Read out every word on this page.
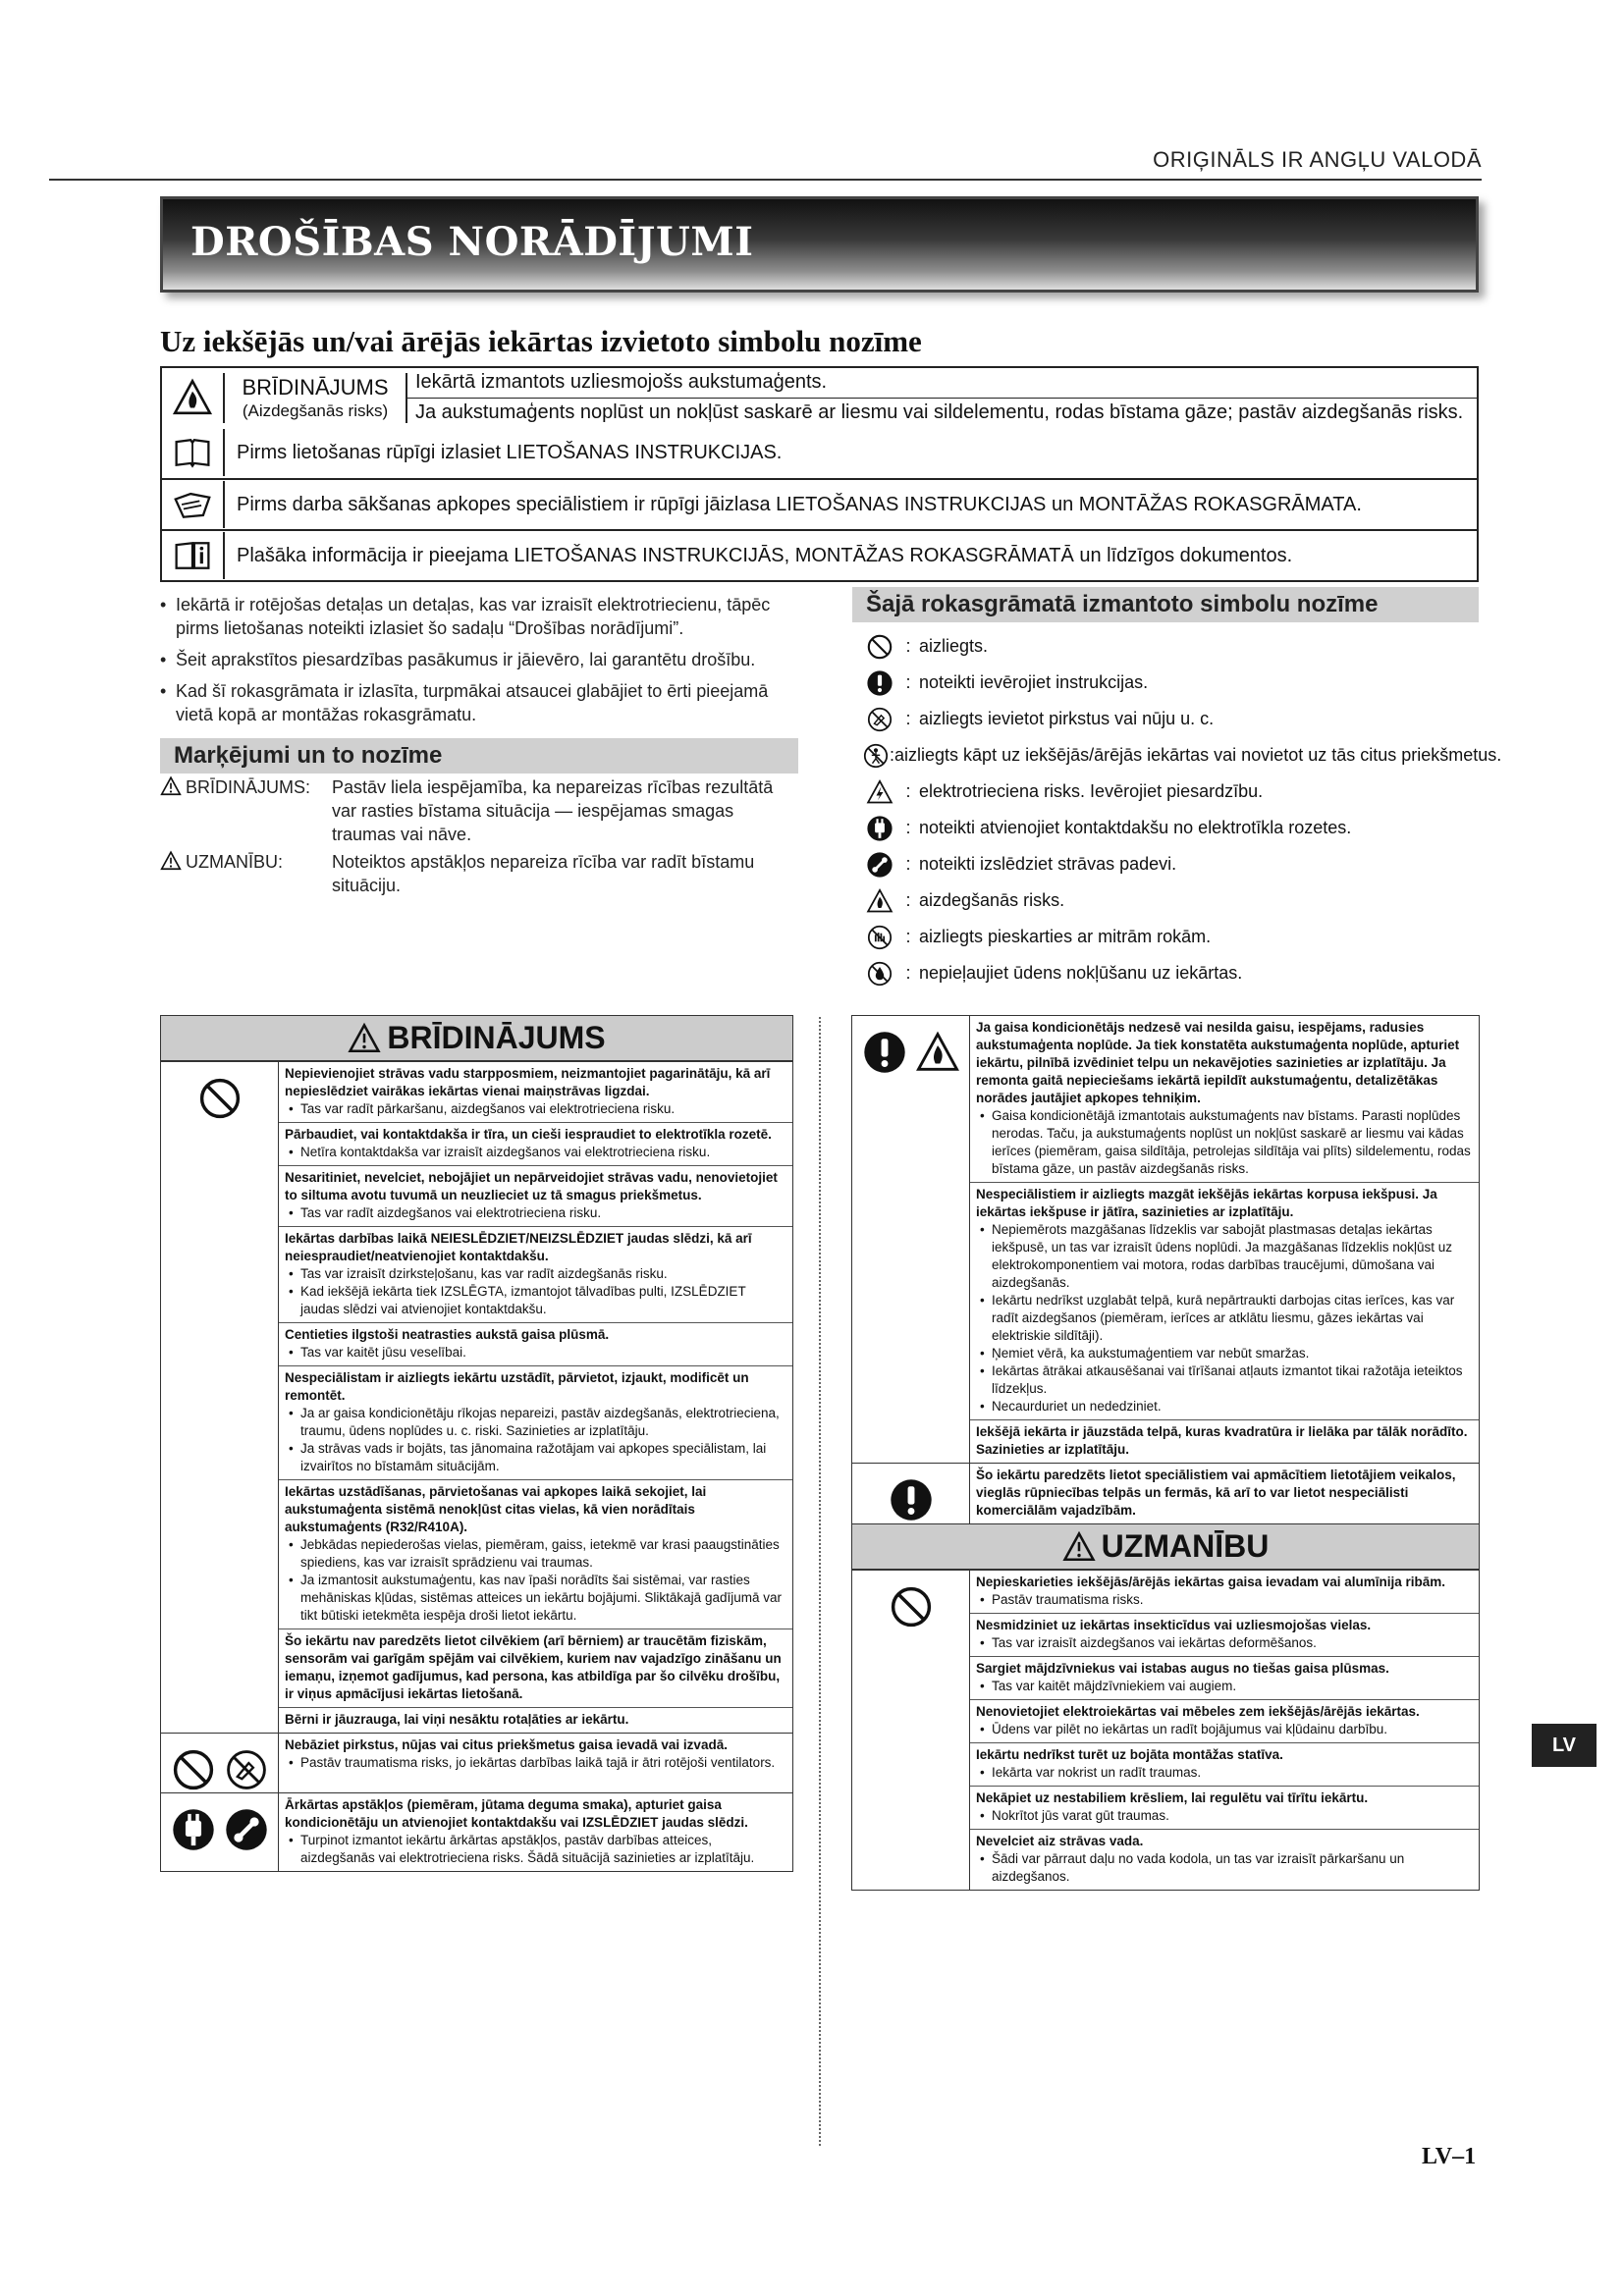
ORIĢINĀLS IR ANGĻU VALODĀ
DROŠĪBAS NORĀDĪJUMI
Uz iekšējās un/vai ārējās iekārtas izvietoto simbolu nozīme
BRĪDINĀJUMS
(Aizdegšanās risks)
Iekārtā izmantots uzliesmojošs aukstumaģents.
Ja aukstumaģents noplūst un nokļūst saskarē ar liesmu vai sildelementu, rodas bīstama gāze; pastāv aizdegšanās risks.
Pirms lietošanas rūpīgi izlasiet LIETOŠANAS INSTRUKCIJAS.
Pirms darba sākšanas apkopes speciālistiem ir rūpīgi jāizlasa LIETOŠANAS INSTRUKCIJAS un MONTĀŽAS ROKASGRĀMATA.
Plašāka informācija ir pieejama LIETOŠANAS INSTRUKCIJĀS, MONTĀŽAS ROKASGRĀMATĀ un līdzīgos dokumentos.
• Iekārtā ir rotējošas detaļas un detaļas, kas var izraisīt elektrotriecienu, tāpēc pirms lietošanas noteikti izlasiet šo sadaļu “Drošības norādījumi”.
• Šeit aprakstītos piesardzības pasākumus ir jāievēro, lai garantētu drošību.
• Kad šī rokasgrāmata ir izlasīta, turpmākai atsaucei glabājiet to ērti pieejamā vietā kopā ar montāžas rokasgrāmatu.
Marķējumi un to nozīme
BRĪDINĀJUMS:	Pastāv liela iespējamība, ka nepareizas rīcības rezultātā var rasties bīstama situācija — iespējamas smagas traumas vai nāve.
UZMANĪBU:	Noteiktos apstākļos nepareiza rīcība var radīt bīstamu situāciju.
Šajā rokasgrāmatā izmantoto simbolu nozīme
: aizliegts.
: noteikti ievērojiet instrukcijas.
: aizliegts ievietot pirkstus vai nūju u. c.
: aizliegts kāpt uz iekšējās/ārējās iekārtas vai novietot uz tās citus priekšmetus.
: elektrotrieciena risks. Ievērojiet piesardzību.
: noteikti atvienojiet kontaktdakšu no elektrotīkla rozetes.
: noteikti izslēdziet strāvas padevi.
: aizdegšanās risks.
: aizliegts pieskarties ar mitrām rokām.
: nepieļaujiet ūdens nokļūšanu uz iekārtas.
BRĪDINĀJUMS
Nepievienojiet strāvas vadu starpposmiem, neizmantojiet pagarinātāju, kā arī nepieslēdziet vairākas iekārtas vienai maiņstrāvas ligzdai.
• Tas var radīt pārkaršanu, aizdegšanos vai elektrotriecienа risku.
Pārbaudiet, vai kontaktdakša ir tīra, un cieši iespraudiet to elektrotīkla rozetē.
• Netīra kontaktdakša var izraisīt aizdegšanos vai elektrotrieciena risku.
Nesaritiniet, nevelciet, nebojājiet un nepārveidojiet strāvas vadu, nenovietojiet to siltuma avotu tuvumā un neuzlieciet uz tā smagus priekšmetus.
• Tas var radīt aizdegšanos vai elektrotrieciena risku.
Iekārtas darbības laikā NEIESLĒDZIET/NEIZSLĒDZIET jaudas slēdzi, kā arī neiespraudiet/neatvienojiet kontaktdakšu.
• Tas var izraisīt dzirksteļošanu, kas var radīt aizdegšanās risku.
• Kad iekšējā iekārta tiek IZSLĒGTA, izmantojot tālvadības pulti, IZSLĒDZIET jaudas slēdzi vai atvienojiet kontaktdakšu.
Centieties ilgstoši neatrasties aukstā gaisa plūsmā.
• Tas var kaitēt jūsu veselībai.
Nespeciālistam ir aizliegts iekārtu uzstādīt, pārvietot, izjaukt, modificēt un remontēt.
• Ja ar gaisa kondicionētāju rīkojas nepareizi, pastāv aizdegšanās, elektrotrieciena, traumu, ūdens noplūdes u. c. riski. Sazinieties ar izplatītāju.
• Ja strāvas vads ir bojāts, tas jānomaina ražotājam vai apkopes speciālistam, lai izvairītos no bīstamām situācijām.
Iekārtas uzstādīšanas, pārvietošanas vai apkopes laikā sekojiet, lai aukstumaģenta sistēmā nenokļūst citas vielas, kā vien norādītais aukstumaģents (R32/R410A).
• Jebkādas nepiederošas vielas, piemēram, gaiss, ietekmē var krasi paaugstināties spiediens, kas var izraisīt sprādzienu vai traumas.
• Ja izmantosit aukstumaģentu, kas nav īpaši norādīts šai sistēmai, var rasties mehāniskas kļūdas, sistēmas atteices un iekārtu bojājumi. Sliktākajā gadījumā var tikt būtiski ietekmēta iespēja droši lietot iekārtu.
Šo iekārtu nav paredzēts lietot cilvēkiem (arī bērniem) ar traucētām fiziskām, sensorām vai garīgām spējām vai cilvēkiem, kuriem nav vajadzīgo zināšanu un iemaņu, izņemot gadījumus, kad persona, kas atbildīga par šo cilvēku drošību, ir viņus apmācījusi iekārtas lietošanā.
Bērni ir jāuzrauga, lai viņi nesāktu rotaļāties ar iekārtu.
Nebāziet pirkstus, nūjas vai citus priekšmetus gaisa ievadā vai izvadā.
• Pastāv traumatisma risks, jo iekārtas darbības laikā tajā ir ātri rotējoši ventilators.
Ārkārtas apstākļos (piemēram, jūtama deguma smaka), apturiet gaisa kondicionētāju un atvienojiet kontaktdakšu vai IZSLĒDZIET jaudas slēdzi.
• Turpinot izmantot iekārtu ārkārtas apstākļos, pastāv darbības atteices, aizdegšanās vai elektrotrieciena risks. Šādā situācijā sazinieties ar izplatītāju.
Ja gaisa kondicionētājs nedzesē vai nesilda gaisu, iespējams, radusies aukstumaģenta noplūde. Ja tiek konstatēta aukstumaģenta noplūde, apturiet iekārtu, pilnībā izvēdiniet telpu un nekavējoties sazinieties ar izplatītāju. Ja remonta gaitā nepieciešams iekārtā iepildīt aukstumaģentu, detalizētākas norādes jautājiet apkopes tehniķim.
• Gaisa kondicionētājā izmantotais aukstumaģents nav bīstams. Parasti noplūdes nerodas. Taču, ja aukstumaģents noplūst un nokļūst saskarē ar liesmu vai kādas ierīces (piemēram, gaisa sildītāja, petrolejas sildītāja vai plīts) sildelementu, rodas bīstama gāze, un pastāv aizdegšanās risks.
Nespeciālistiem ir aizliegts mazgāt iekšējās iekārtas korpusa iekšpusi. Ja iekārtas iekšpuse ir jātīra, sazinieties ar izplatītāju.
• Nepiemērots mazgāšanas līdzeklis var sabojāt plastmasas detaļas iekārtas iekšpusē, un tas var izraisīt ūdens noplūdi. Ja mazgāšanas līdzeklis nokļūst uz elektrokomponentiem vai motora, rodas darbības traucējumi, dūmošana vai aizdegšanās.
• Iekārtu nedrīkst uzglabāt telpā, kurā nepārtraukti darbojas citas ierīces, kas var radīt aizdegšanos (piemēram, ierīces ar atklātu liesmu, gāzes iekārtas vai elektriskie sildītāji).
• Ņemiet vērā, ka aukstumaģentiem var nebūt smaržas.
• Iekārtas ātrākai atkausēšanai vai tīrīšanai atļauts izmantot tikai ražotāja ieteiktos līdzekļus.
• Necaurduriet un nededziniet.
Iekšējā iekārta ir jāuzstāda telpā, kuras kvadratūra ir lielāka par tālāk norādīto. Sazinieties ar izplatītāju.
Šo iekārtu paredzēts lietot speciālistiem vai apmācītiem lietotājiem veikalos, vieglās rūpniecības telpās un fermās, kā arī to var lietot nespeciālisti komerciālām vajadzībām.
UZMANĪBU
Nepieskarieties iekšējās/ārējās iekārtas gaisa ievadam vai alumīnija ribām.
• Pastāv traumatisma risks.
Nesmidziniet uz iekārtas insekticīdus vai uzliesmojošas vielas.
• Tas var izraisīt aizdegšanos vai iekārtas deformēšanos.
Sargiet mājdzīvniekus vai istabas augus no tiešas gaisa plūsmas.
• Tas var kaitēt mājdzīvniekiem vai augiem.
Nenovietojiet elektroiekārtas vai mēbeles zem iekšējās/ārējās iekārtas.
• Ūdens var pilēt no iekārtas un radīt bojājumus vai kļūdainu darbību.
Iekārtu nedrīkst turēt uz bojāta montāžas statīva.
• Iekārta var nokrist un radīt traumas.
Nekāpiet uz nestabiliem krēsliem, lai regulētu vai tīrītu iekārtu.
• Nokrītot jūs varat gūt traumas.
Nevelciet aiz strāvas vada.
• Šādi var pārraut daļu no vada kodola, un tas var izraisīt pārkaršanu un aizdegšanos.
LV
LV–1
